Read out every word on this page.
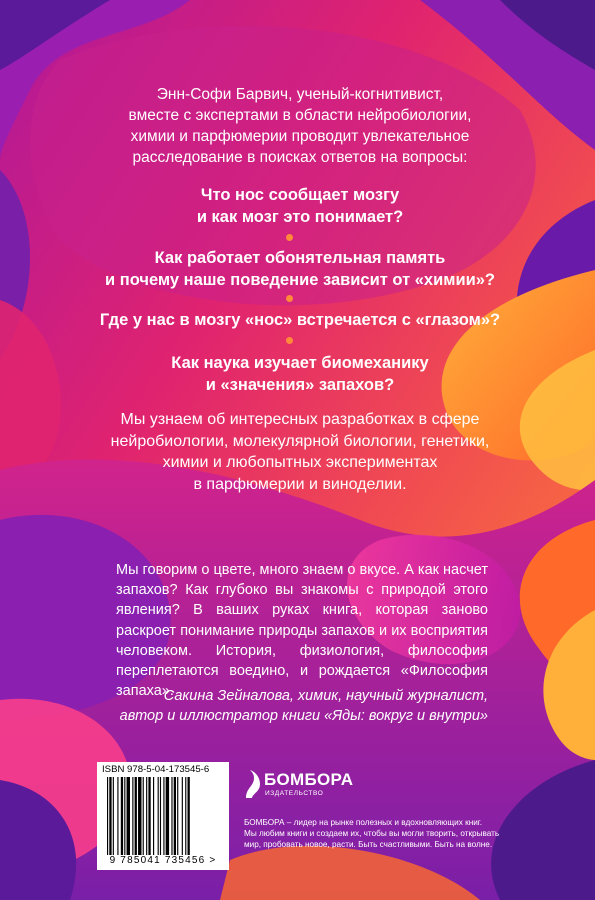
Энн-Софи Барвич, ученый-когнитивист,
вместе с экспертами в области нейробиологии,
химии и парфюмерии проводит увлекательное
расследование в поисках ответов на вопросы:
Что нос сообщает мозгу
и как мозг это понимает?
Как работает обонятельная память
и почему наше поведение зависит от «химии»?
Где у нас в мозгу «нос» встречается с «глазом»?
Как наука изучает биомеханику
и «значения» запахов?
Мы узнаем об интересных разработках в сфере
нейробиологии, молекулярной биологии, генетики,
химии и любопытных экспериментах
в парфюмерии и виноделии.
Мы говорим о цвете, много знаем о вкусе. А как насчет запахов? Как глубоко вы знакомы с природой этого явления? В ваших руках книга, которая заново раскроет понимание природы запахов и их восприятия человеком. История, физиология, философия переплетаются воедино, и рождается «Философия запаха».
Сакина Зейналова, химик, научный журналист,
автор и иллюстратор книги «Яды: вокруг и внутри»
ISBN 978-5-04-173545-6
9 785041 735456 >
БОМБОРА
ИЗДАТЕЛЬСТВО
БОМБОРА – лидер на рынке полезных и вдохновляющих книг.
Мы любим книги и создаем их, чтобы вы могли творить, открывать
мир, пробовать новое, расти. Быть счастливыми. Быть на волне.
